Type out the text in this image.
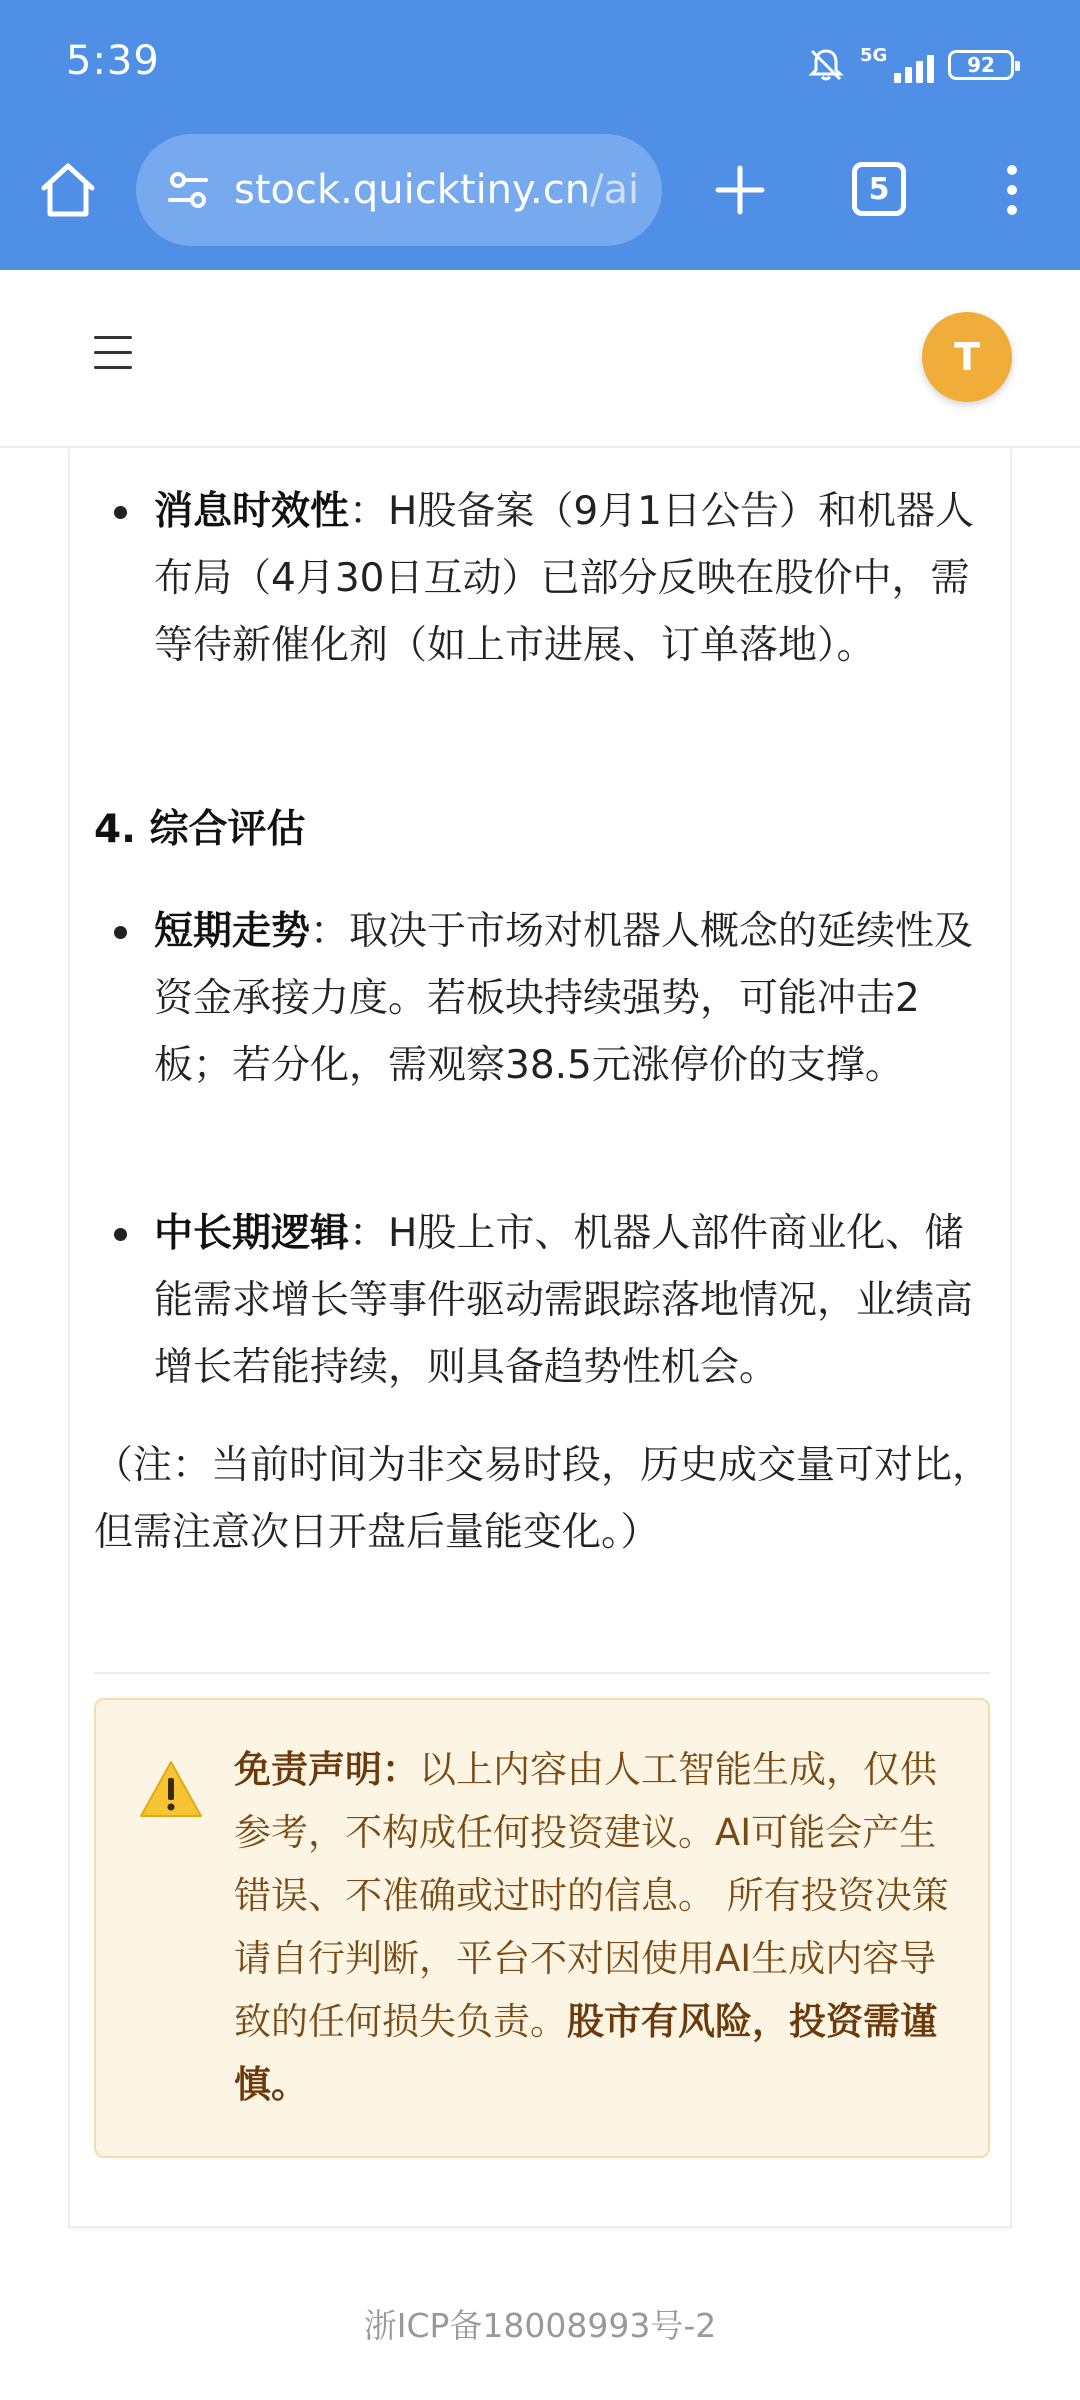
5:39	5G	92
stock.quicktiny.cn/ai	5
T
消息时效性：H股备案（9月1日公告）和机器人布局（4月30日互动）已部分反映在股价中，需等待新催化剂（如上市进展、订单落地）。
4. 综合评估
短期走势：取决于市场对机器人概念的延续性及资金承接力度。若板块持续强势，可能冲击2板；若分化，需观察38.5元涨停价的支撑。
中长期逻辑：H股上市、机器人部件商业化、储能需求增长等事件驱动需跟踪落地情况，业绩高增长若能持续，则具备趋势性机会。
（注：当前时间为非交易时段，历史成交量可对比，但需注意次日开盘后量能变化。）
免责声明：以上内容由人工智能生成，仅供参考，不构成任何投资建议。AI可能会产生错误、不准确或过时的信息。 所有投资决策请自行判断，平台不对因使用AI生成内容导致的任何损失负责。股市有风险，投资需谨慎。
浙ICP备18008993号-2
